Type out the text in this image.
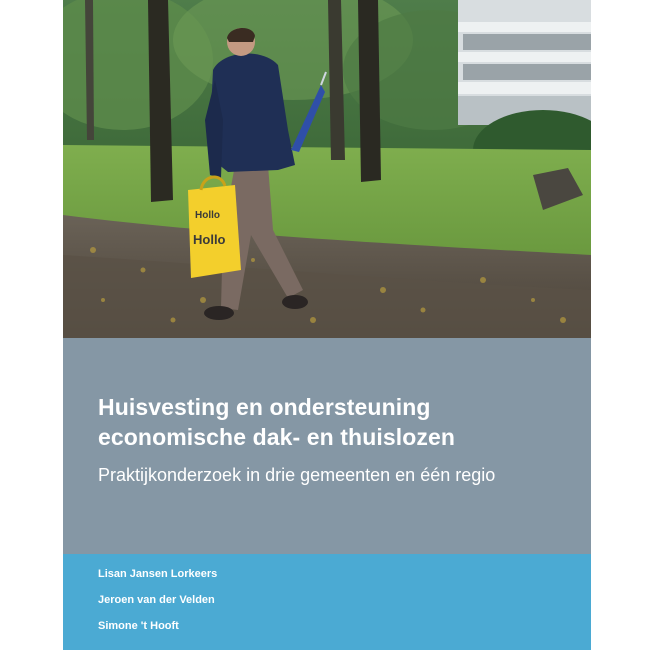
Hollo
Hollo
Huisvesting en ondersteuning
economische dak- en thuislozen

Praktijkonderzoek in drie gemeenten en één regio

Lisan Jansen Lorkeers
Jeroen van der Velden
Simone 't Hooft
